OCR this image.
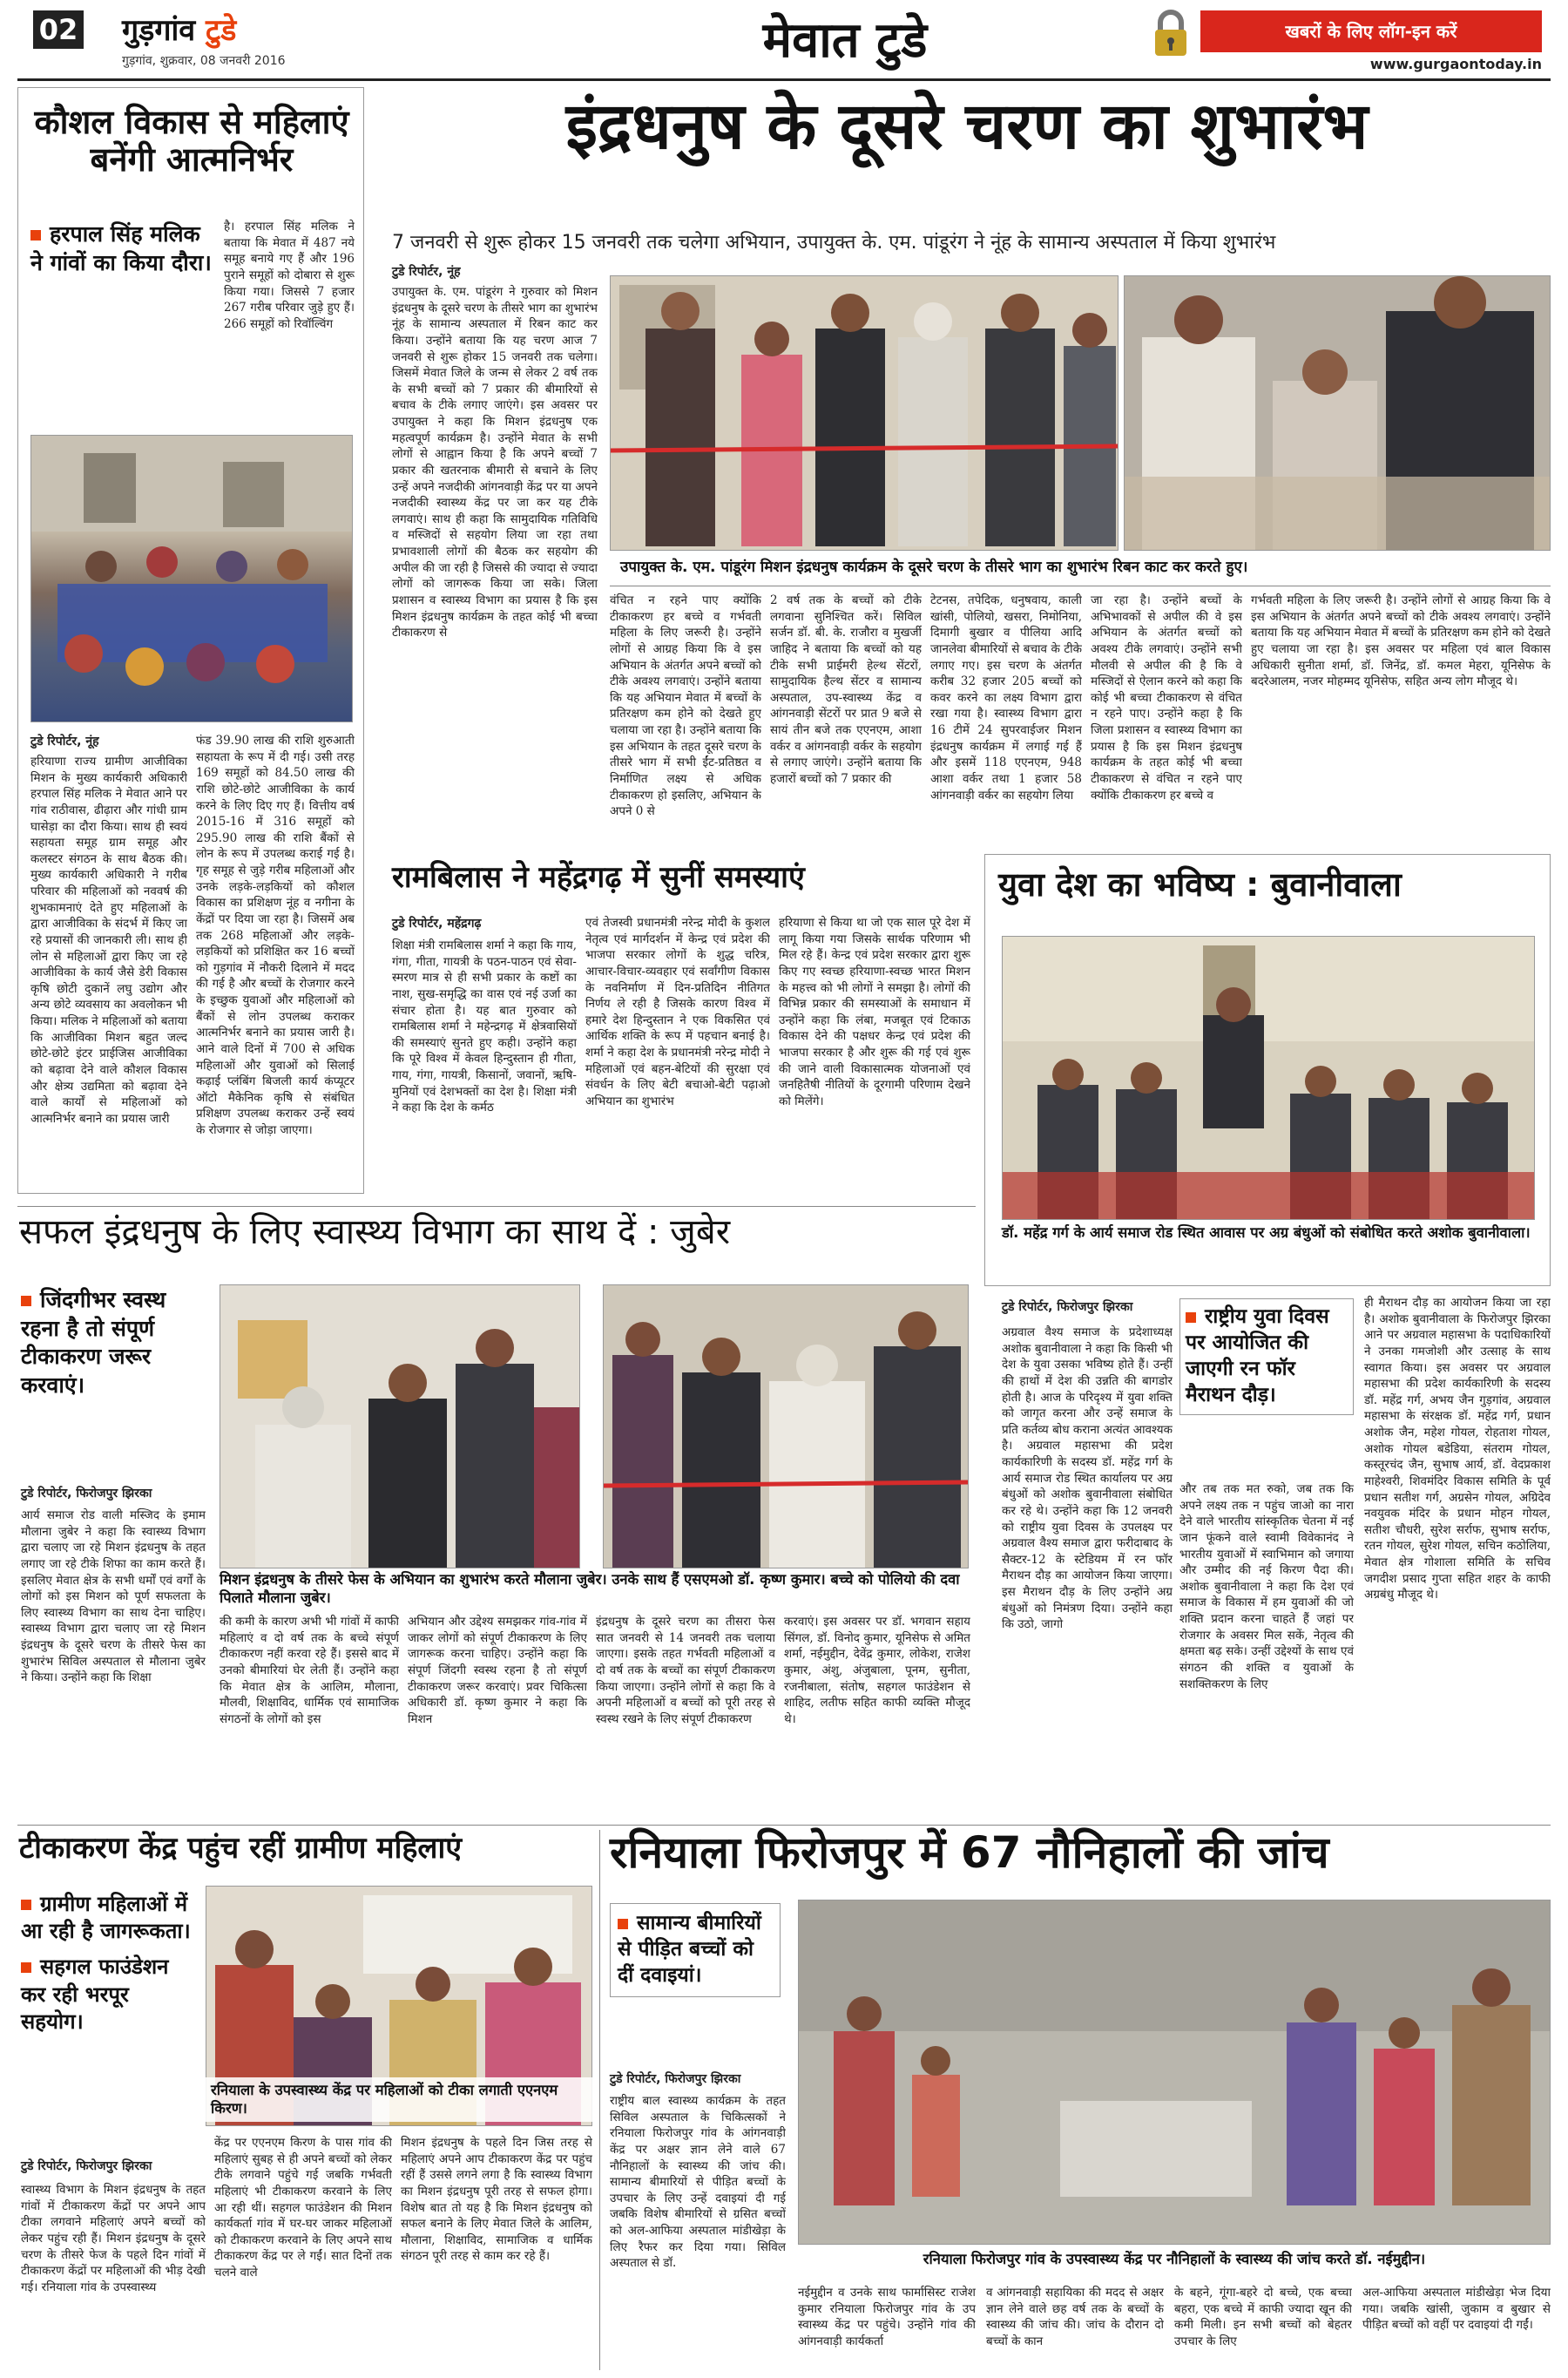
02 गुड़गांव टुडे
गुड़गांव, शुक्रवार, 08 जनवरी 2016	मेवात टुडे	खबरों के लिए लॉग-इन करें
www.gurgaontoday.in
कौशल विकास से महिलाएं बनेंगी आत्मनिर्भर
हरपाल सिंह मलिक ने गांवों का किया दौरा।
है। हरपाल सिंह मलिक ने बताया कि मेवात में 487 नये समूह बनाये गए हैं और 196 पुराने समूहों को दोबारा से शुरू किया गया। जिससे 7 हजार 267 गरीब परिवार जुड़े हुए हैं। 266 समूहों को रिवॉल्विंग
टुडे रिपोर्टर, नूंह
हरियाणा राज्य ग्रामीण आजीविका मिशन के मुख्य कार्यकारी अधिकारी हरपाल सिंह मलिक ने मेवात आने पर गांव राठीवास, ढीढ़ारा और गांधी ग्राम घासेड़ा का दौरा किया। साथ ही स्वयं सहायता समूह ग्राम समूह और कलस्टर संगठन के साथ बैठक की। मुख्य कार्यकारी अधिकारी ने गरीब परिवार की महिलाओं को नववर्ष की शुभकामनाएं देते हुए महिलाओं के द्वारा आजीविका के संदर्भ में किए जा रहे प्रयासों की जानकारी ली। साथ ही लोन से महिलाओं द्वारा किए जा रहे आजीविका के कार्य जैसे डेरी विकास कृषि छोटी दुकानें लघु उद्योग और अन्य छोटे व्यवसाय का अवलोकन भी किया। मलिक ने महिलाओं को बताया कि आजीविका मिशन बहुत जल्द छोटे-छोटे इंटर प्राईजिस आजीविका को बढ़ावा देने वाले कौशल विकास और क्षेत्र्य उद्यमिता को बढ़ावा देने वाले कार्यों से महिलाओं को आत्मनिर्भर बनाने का प्रयास जारी
फंड 39.90 लाख की राशि शुरुआती सहायता के रूप में दी गई। उसी तरह 169 समूहों को 84.50 लाख की राशि छोटे-छोटे आजीविका के कार्य करने के लिए दिए गए हैं। वित्तीय वर्ष 2015-16 में 316 समूहों को 295.90 लाख की राशि बैंकों से लोन के रूप में उपलब्ध कराई गई है। गृह समूह से जुड़े गरीब महिलाओं और उनके लड़के-लड़कियों को कौशल विकास का प्रशिक्षण नूंह व नगीना के केंद्रों पर दिया जा रहा है। जिसमें अब तक 268 महिलाओं और लड़के-लड़कियों को प्रशिक्षित कर 16 बच्चों को गुड़गांव में नौकरी दिलाने में मदद की गई है और बच्चों के रोजगार करने के इच्छुक युवाओं और महिलाओं को बैंकों से लोन उपलब्ध कराकर आत्मनिर्भर बनाने का प्रयास जारी है। आने वाले दिनों में 700 से अधिक महिलाओं और युवाओं को सिलाई कढ़ाई प्लंबिंग बिजली कार्य कंप्यूटर ऑटो मैकेनिक कृषि से संबंधित प्रशिक्षण उपलब्ध कराकर उन्हें स्वयं के रोजगार से जोड़ा जाएगा।
इंद्रधनुष के दूसरे चरण का शुभारंभ
7 जनवरी से शुरू होकर 15 जनवरी तक चलेगा अभियान, उपायुक्त के. एम. पांडूरंग ने नूंह के सामान्य अस्पताल में किया शुभारंभ
टुडे रिपोर्टर, नूंह
उपायुक्त के. एम. पांडूरंग ने गुरुवार को मिशन इंद्रधनुष के दूसरे चरण के तीसरे भाग का शुभारंभ नूंह के सामान्य अस्पताल में रिबन काट कर किया। उन्होंने बताया कि यह चरण आज 7 जनवरी से शुरू होकर 15 जनवरी तक चलेगा। जिसमें मेवात जिले के जन्म से लेकर 2 वर्ष तक के सभी बच्चों को 7 प्रकार की बीमारियों से बचाव के टीके लगाए जाएंगे। इस अवसर पर उपायुक्त ने कहा कि मिशन इंद्रधनुष एक महत्वपूर्ण कार्यक्रम है। उन्होंने मेवात के सभी लोगों से आह्वान किया है कि अपने बच्चों 7 प्रकार की खतरनाक बीमारी से बचाने के लिए उन्हें अपने नजदीकी आंगनवाड़ी केंद्र पर या अपने नजदीकी स्वास्थ्य केंद्र पर जा कर यह टीके लगवाएं। साथ ही कहा कि सामुदायिक गतिविधि व मस्जिदों से सहयोग लिया जा रहा तथा प्रभावशाली लोगों की बैठक कर सहयोग की अपील की जा रही है जिससे की ज्यादा से ज्यादा लोगों को जागरूक किया जा सके। जिला प्रशासन व स्वास्थ्य विभाग का प्रयास है कि इस मिशन इंद्रधनुष कार्यक्रम के तहत कोई भी बच्चा टीकाकरण से
उपायुक्त के. एम. पांडूरंग मिशन इंद्रधनुष कार्यक्रम के दूसरे चरण के तीसरे भाग का शुभारंभ रिबन काट कर करते हुए।
वंचित न रहने पाए क्योंकि टीकाकरण हर बच्चे व गर्भवती महिला के लिए जरूरी है। उन्होंने लोगों से आग्रह किया कि वे इस अभियान के अंतर्गत अपने बच्चों को टीके अवश्य लगवाएं। उन्होंने बताया कि यह अभियान मेवात में बच्चों के प्रतिरक्षण कम होने को देखते हुए चलाया जा रहा है। उन्होंने बताया कि इस अभियान के तहत दूसरे चरण के तीसरे भाग में सभी ईंट-प्रतिष्ठत व निर्माणित लक्ष्य से अधिक टीकाकरण हो इसलिए, अभियान के अपने 0 से
2 वर्ष तक के बच्चों को टीके लगवाना सुनिश्चित करें। सिविल सर्जन डॉ. बी. के. राजौरा व मुखर्जी जाहिद ने बताया कि बच्चों को यह टीके सभी प्राईमरी हेल्थ सेंटरों, सामुदायिक हैल्थ सेंटर व सामान्य अस्पताल, उप-स्वास्थ्य केंद्र व आंगनवाड़ी सेंटरों पर प्रात 9 बजे से सायं तीन बजे तक एएनएम, आशा वर्कर व आंगनवाड़ी वर्कर के सहयोग से लगाए जाएंगे। उन्होंने बताया कि हजारों बच्चों को 7 प्रकार की
टेटनस, तपेदिक, धनुषवाय, काली खांसी, पोलियो, खसरा, निमोनिया, दिमागी बुखार व पीलिया आदि जानलेवा बीमारियों से बचाव के टीके लगाए गए। इस चरण के अंतर्गत करीब 32 हजार 205 बच्चों को कवर करने का लक्ष्य विभाग द्वारा रखा गया है। स्वास्थ्य विभाग द्वारा 16 टीमें 24 सुपरवाईजर मिशन इंद्रधनुष कार्यक्रम में लगाई गई हैं और इसमें 118 एएनएम, 948 आशा वर्कर तथा 1 हजार 58 आंगनवाड़ी वर्कर का सहयोग लिया
जा रहा है। उन्होंने बच्चों के अभिभावकों से अपील की वे इस अभियान के अंतर्गत बच्चों को अवश्य टीके लगवाएं। उन्होंने सभी मौलवी से अपील की है कि वे मस्जिदों से ऐलान करने को कहा कि कोई भी बच्चा टीकाकरण से वंचित न रहने पाए। उन्होंने कहा है कि जिला प्रशासन व स्वास्थ्य विभाग का प्रयास है कि इस मिशन इंद्रधनुष कार्यक्रम के तहत कोई भी बच्चा टीकाकरण से वंचित न रहने पाए क्योंकि टीकाकरण हर बच्चे व
गर्भवती महिला के लिए जरूरी है। उन्होंने लोगों से आग्रह किया कि वे इस अभियान के अंतर्गत अपने बच्चों को टीके अवश्य लगवाएं। उन्होंने बताया कि यह अभियान मेवात में बच्चों के प्रतिरक्षण कम होने को देखते हुए चलाया जा रहा है। इस अवसर पर महिला एवं बाल विकास अधिकारी सुनीता शर्मा, डॉ. जिनेंद्र, डॉ. कमल मेहरा, यूनिसेफ के बदरेआलम, नजर मोहम्मद यूनिसेफ, सहित अन्य लोग मौजूद थे।
रामबिलास ने महेंद्रगढ़ में सुनीं समस्याएं
टुडे रिपोर्टर, महेंद्रगढ़
शिक्षा मंत्री रामबिलास शर्मा ने कहा कि गाय, गंगा, गीता, गायत्री के पठन-पाठन एवं सेवा-स्मरण मात्र से ही सभी प्रकार के कष्टों का नाश, सुख-समृद्धि का वास एवं नई उर्जा का संचार होता है। यह बात गुरुवार को रामबिलास शर्मा ने महेन्द्रगढ़ में क्षेत्रवासियों की समस्याएं सुनते हुए कही। उन्होंने कहा कि पूरे विश्व में केवल हिन्दुस्तान ही गीता, गाय, गंगा, गायत्री, किसानों, जवानों, ऋषि-मुनियों एवं देशभक्तों का देश है। शिक्षा मंत्री ने कहा कि देश के कर्मठ
एवं तेजस्वी प्रधानमंत्री नरेन्द्र मोदी के कुशल नेतृत्व एवं मार्गदर्शन में केन्द्र एवं प्रदेश की भाजपा सरकार लोगों के शुद्ध चरित्र, आचार-विचार-व्यवहार एवं सर्वांगीण विकास के नवनिर्माण में दिन-प्रतिदिन नीतिगत निर्णय ले रही है जिसके कारण विश्व में हमारे देश हिन्दुस्तान ने एक विकसित एवं आर्थिक शक्ति के रूप में पहचान बनाई है। शर्मा ने कहा देश के प्रधानमंत्री नरेन्द्र मोदी ने महिलाओं एवं बहन-बेटियों की सुरक्षा एवं संवर्धन के लिए बेटी बचाओ-बेटी पढ़ाओ अभियान का शुभारंभ
हरियाणा से किया था जो एक साल पूरे देश में लागू किया गया जिसके सार्थक परिणाम भी मिल रहे हैं। केन्द्र एवं प्रदेश सरकार द्वारा शुरू किए गए स्वच्छ हरियाणा-स्वच्छ भारत मिशन के महत्त्व को भी लोगों ने समझा है। लोगों की विभिन्न प्रकार की समस्याओं के समाधान में उन्होंने कहा कि लंबा, मजबूत एवं टिकाऊ विकास देने की पक्षधर केन्द्र एवं प्रदेश की भाजपा सरकार है और शुरू की गई एवं शुरू की जाने वाली विकासात्मक योजनाओं एवं जनहितैषी नीतियों के दूरगामी परिणाम देखने को मिलेंगे।
युवा देश का भविष्य : बुवानीवाला
डॉ. महेंद्र गर्ग के आर्य समाज रोड स्थित आवास पर अग्र बंधुओं को संबोधित करते अशोक बुवानीवाला।
सफल इंद्रधनुष के लिए स्वास्थ्य विभाग का साथ दें : जुबेर
जिंदगीभर स्वस्थ रहना है तो संपूर्ण टीकाकरण जरूर करवाएं।
टुडे रिपोर्टर, फिरोजपुर झिरका
मिशन इंद्रधनुष के तीसरे फेस के अभियान का शुभारंभ करते मौलाना जुबेर। उनके साथ हैं एसएमओ डॉ. कृष्ण कुमार। बच्चे को पोलियो की दवा पिलाते मौलाना जुबेर।
आर्य समाज रोड वाली मस्जिद के इमाम मौलाना जुबेर ने कहा कि स्वास्थ्य विभाग द्वारा चलाए जा रहे मिशन इंद्रधनुष के तहत लगाए जा रहे टीके शिफा का काम करते हैं। इसलिए मेवात क्षेत्र के सभी धर्मों एवं वर्गों के लोगों को इस मिशन को पूर्ण सफलता के लिए स्वास्थ्य विभाग का साथ देना चाहिए। स्वास्थ्य विभाग द्वारा चलाए जा रहे मिशन इंद्रधनुष के दूसरे चरण के तीसरे फेस का शुभारंभ सिविल अस्पताल से मौलाना जुबेर ने किया। उन्होंने कहा कि शिक्षा
की कमी के कारण अभी भी गांवों में काफी महिलाएं व दो वर्ष तक के बच्चे संपूर्ण टीकाकरण नहीं करवा रहे हैं। इससे बाद में उनको बीमारियां घेर लेती हैं। उन्होंने कहा कि मेवात क्षेत्र के आलिम, मौलाना, मौलवी, शिक्षाविद, धार्मिक एवं सामाजिक संगठनों के लोगों को इस
अभियान और उद्देश्य समझकर गांव-गांव में जाकर लोगों को संपूर्ण टीकाकरण के लिए जागरूक करना चाहिए। उन्होंने कहा कि संपूर्ण जिंदगी स्वस्थ रहना है तो संपूर्ण टीकाकरण जरूर करवाएं। प्रवर चिकित्सा अधिकारी डॉ. कृष्ण कुमार ने कहा कि मिशन
इंद्रधनुष के दूसरे चरण का तीसरा फेस सात जनवरी से 14 जनवरी तक चलाया जाएगा। इसके तहत गर्भवती महिलाओं व दो वर्ष तक के बच्चों का संपूर्ण टीकाकरण किया जाएगा। उन्होंने लोगों से कहा कि वे अपनी महिलाओं व बच्चों को पूरी तरह से स्वस्थ रखने के लिए संपूर्ण टीकाकरण
करवाएं। इस अवसर पर डॉ. भगवान सहाय सिंगल, डॉ. विनोद कुमार, यूनिसेफ से अमित शर्मा, नईमुद्दीन, देवेंद्र कुमार, लोकेश, राजेश कुमार, अंशु, अंजुबाला, पूनम, सुनीता, रजनीबाला, संतोष, सहगल फाउंडेशन से शाहिद, लतीफ सहित काफी व्यक्ति मौजूद थे।
टुडे रिपोर्टर, फिरोजपुर झिरका	राष्ट्रीय युवा दिवस पर आयोजित की जाएगी रन फॉर मैराथन दौड़।
अग्रवाल वैश्य समाज के प्रदेशाध्यक्ष अशोक बुवानीवाला ने कहा कि किसी भी देश के युवा उसका भविष्य होते हैं। उन्हीं की हाथों में देश की उन्नति की बागडोर होती है। आज के परिदृश्य में युवा शक्ति को जागृत करना और उन्हें समाज के प्रति कर्तव्य बोध कराना अत्यंत आवश्यक है। अग्रवाल महासभा की प्रदेश कार्यकारिणी के सदस्य डॉ. महेंद्र गर्ग के आर्य समाज रोड स्थित कार्यालय पर अग्र बंधुओं को अशोक बुवानीवाला संबोधित कर रहे थे। उन्होंने कहा कि 12 जनवरी को राष्ट्रीय युवा दिवस के उपलक्ष्य पर अग्रवाल वैश्य समाज द्वारा फरीदाबाद के सैक्टर-12 के स्टेडियम में रन फॉर मैराथन दौड़ का आयोजन किया जाएगा। इस मैराथन दौड़ के लिए उन्होंने अग्र बंधुओं को निमंत्रण दिया। उन्होंने कहा कि उठो, जागो
और तब तक मत रुको, जब तक कि अपने लक्ष्य तक न पहुंच जाओ का नारा देने वाले भारतीय सांस्कृतिक चेतना में नई जान फूंकने वाले स्वामी विवेकानंद ने भारतीय युवाओं में स्वाभिमान को जगाया और उम्मीद की नई किरण पैदा की। अशोक बुवानीवाला ने कहा कि देश एवं समाज के विकास में हम युवाओं की जो शक्ति प्रदान करना चाहते हैं जहां पर रोजगार के अवसर मिल सकें, नेतृत्व की क्षमता बढ़ सके। उन्हीं उद्देश्यों के साथ एवं संगठन की शक्ति व युवाओं के सशक्तिकरण के लिए
ही मैराथन दौड़ का आयोजन किया जा रहा है। अशोक बुवानीवाला के फिरोजपुर झिरका आने पर अग्रवाल महासभा के पदाधिकारियों ने उनका गमजोशी और उत्साह के साथ स्वागत किया। इस अवसर पर अग्रवाल महासभा की प्रदेश कार्यकारिणी के सदस्य डॉ. महेंद्र गर्ग, अभय जैन गुड़गांव, अग्रवाल महासभा के संरक्षक डॉ. महेंद्र गर्ग, प्रधान अशोक जैन, महेश गोयल, रोहताश गोयल, अशोक गोयल बडेडिया, संतराम गोयल, कस्तूरचंद जैन, सुभाष आर्य, डॉ. वेदप्रकाश माहेश्वरी, शिवमंदिर विकास समिति के पूर्व प्रधान सतीश गर्ग, अग्रसेन गोयल, अग्रिदेव नवयुवक मंदिर के प्रधान मोहन गोयल, सतीश चौधरी, सुरेश सर्राफ, सुभाष सर्राफ, रतन गोयल, सुरेश गोयल, सचिन कठोलिया, मेवात क्षेत्र गोशाला समिति के सचिव जगदीश प्रसाद गुप्ता सहित शहर के काफी अग्रबंधु मौजूद थे।
टीकाकरण केंद्र पहुंच रहीं ग्रामीण महिलाएं
ग्रामीण महिलाओं में आ रही है जागरूकता।
सहगल फाउंडेशन कर रही भरपूर सहयोग।
रनियाला के उपस्वास्थ्य केंद्र पर महिलाओं को टीका लगाती एएनएम किरण।
टुडे रिपोर्टर, फिरोजपुर झिरका
स्वास्थ्य विभाग के मिशन इंद्रधनुष के तहत गांवों में टीकाकरण केंद्रों पर अपने आप टीका लगवाने महिलाएं अपने बच्चों को लेकर पहुंच रही हैं। मिशन इंद्रधनुष के दूसरे चरण के तीसरे फेज के पहले दिन गांवों में टीकाकरण केंद्रों पर महिलाओं की भीड़ देखी गई। रनियाला गांव के उपस्वास्थ्य
केंद्र पर एएनएम किरण के पास गांव की महिलाएं सुबह से ही अपने बच्चों को लेकर टीके लगवाने पहुंचे गई जबकि गर्भवती महिलाएं भी टीकाकरण करवाने के लिए आ रही थीं। सहगल फाउंडेशन की मिशन कार्यकर्ता गांव में घर-घर जाकर महिलाओं को टीकाकरण करवाने के लिए अपने साथ टीकाकरण केंद्र पर ले गईं। सात दिनों तक चलने वाले
मिशन इंद्रधनुष के पहले दिन जिस तरह से महिलाएं अपने आप टीकाकरण केंद्र पर पहुंच रहीं हैं उससे लगने लगा है कि स्वास्थ्य विभाग का मिशन इंद्रधनुष पूरी तरह से सफल होगा। विशेष बात तो यह है कि मिशन इंद्रधनुष को सफल बनाने के लिए मेवात जिले के आलिम, मौलाना, शिक्षाविद, सामाजिक व धार्मिक संगठन पूरी तरह से काम कर रहे हैं।
रनियाला फिरोजपुर में 67 नौनिहालों की जांच
सामान्य बीमारियों से पीड़ित बच्चों को दीं दवाइयां।
टुडे रिपोर्टर, फिरोजपुर झिरका
राष्ट्रीय बाल स्वास्थ्य कार्यक्रम के तहत सिविल अस्पताल के चिकित्सकों ने रनियाला फिरोजपुर गांव के आंगनवाड़ी केंद्र पर अक्षर ज्ञान लेने वाले 67 नौनिहालों के स्वास्थ्य की जांच की। सामान्य बीमारियों से पीड़ित बच्चों के उपचार के लिए उन्हें दवाइयां दी गई जबकि विशेष बीमारियों से ग्रसित बच्चों को अल-आफिया अस्पताल मांडीखेड़ा के लिए रैफर कर दिया गया। सिविल अस्पताल से डॉ.	रनियाला फिरोजपुर गांव के उपस्वास्थ्य केंद्र पर नौनिहालों के स्वास्थ्य की जांच करते डॉ. नईमुद्दीन।
नईमुद्दीन व उनके साथ फार्मासिस्ट राजेश कुमार रनियाला फिरोजपुर गांव के उप स्वास्थ्य केंद्र पर पहुंचे। उन्होंने गांव की आंगनवाड़ी कार्यकर्ता
व आंगनवाड़ी सहायिका की मदद से अक्षर ज्ञान लेने वाले छह वर्ष तक के बच्चों के स्वास्थ्य की जांच की। जांच के दौरान दो बच्चों के कान
के बहने, गूंगा-बहरे दो बच्चे, एक बच्चा बहरा, एक बच्चे में काफी ज्यादा खून की कमी मिली। इन सभी बच्चों को बेहतर उपचार के लिए
अल-आफिया अस्पताल मांडीखेड़ा भेज दिया गया। जबकि खांसी, जुकाम व बुखार से पीड़ित बच्चों को वहीं पर दवाइयां दी गईं।
